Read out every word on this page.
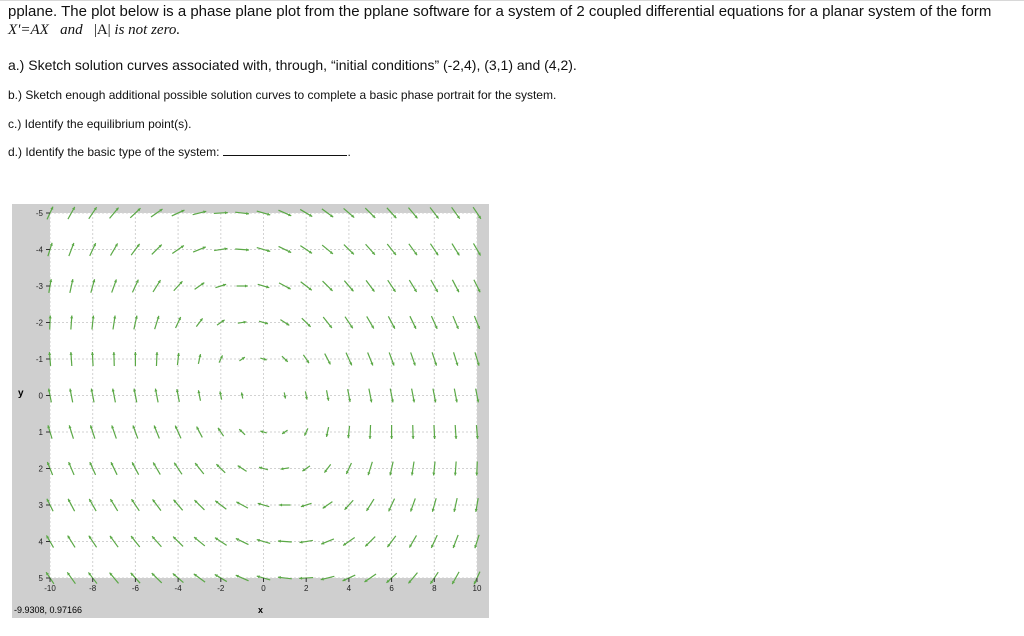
pplane. The plot below is a phase plane plot from the pplane software for a system of 2 coupled differential equations for a planar system of the form
X'=AX and |A| is not zero.
a.) Sketch solution curves associated with, through, “initial conditions” (-2,4), (3,1) and (4,2).
b.) Sketch enough additional possible solution curves to complete a basic phase portrait for the system.
c.) Identify the equilibrium point(s).
d.) Identify the basic type of the system:	.
-10	-8	-6	-4	-2	0	2	4	6	8	10
5
4
3
2
1
0
-1
-2
-3
-4
-5
y
x
-9.9308, 0.97166
